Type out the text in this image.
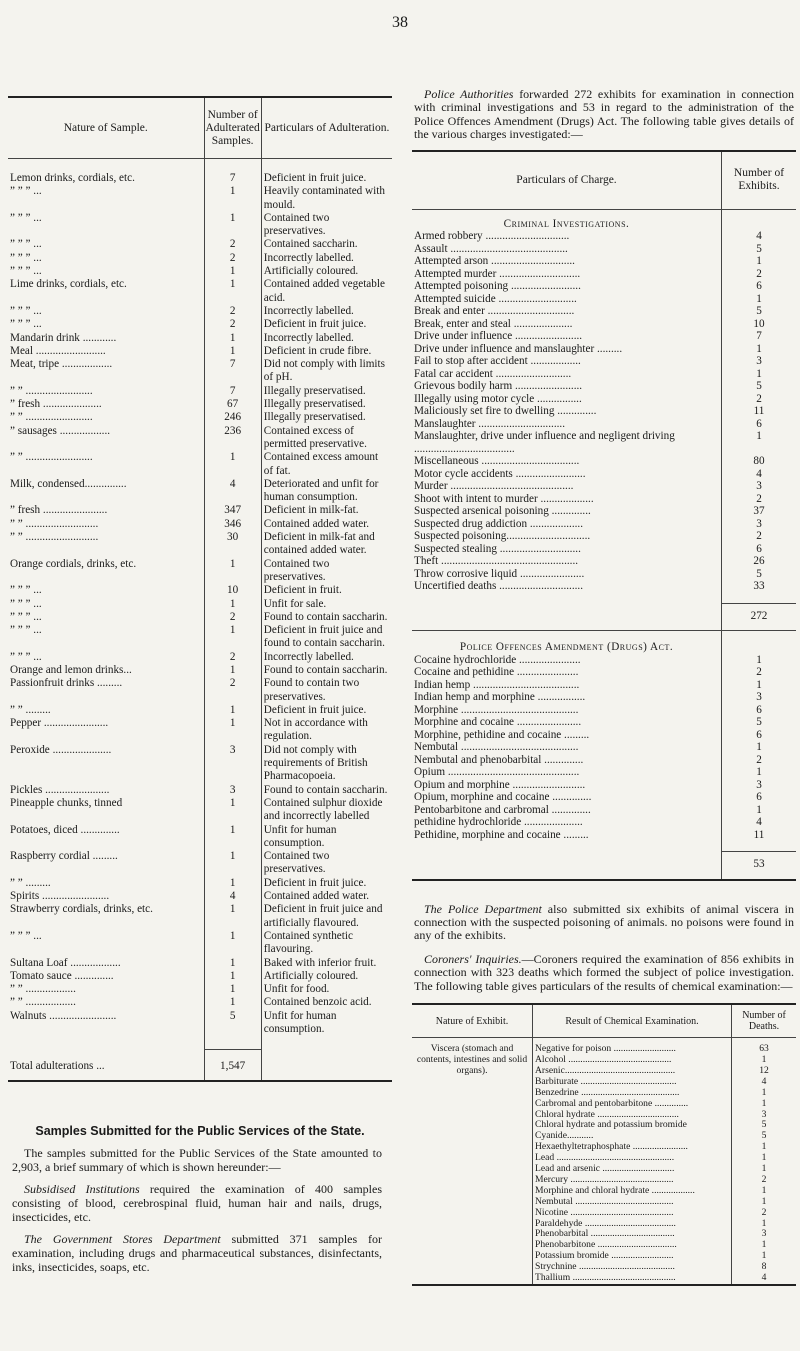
38
Nature of Sample.	Number of Adulterated Samples.	Particulars of Adulteration.

Lemon drinks, cordials, etc.	7	Deficient in fruit juice.
” ” ” ...	1	Heavily contaminated with mould.
” ” ” ...	1	Contained two preservatives.
” ” ” ...	2	Contained saccharin.
” ” ” ...	2	Incorrectly labelled.
” ” ” ...	1	Artificially coloured.
Lime drinks, cordials, etc.	1	Contained added vegetable acid.
” ” ” ...	2	Incorrectly labelled.
” ” ” ...	2	Deficient in fruit juice.
Mandarin drink ............	1	Incorrectly labelled.
Meal .........................	1	Deficient in crude fibre.
Meat, tripe ..................	7	Did not comply with limits of pH.
” ” ........................	7	Illegally preservatised.
” fresh .....................	67	Illegally preservatised.
” ” ........................	246	Illegally preservatised.
” sausages ..................	236	Contained excess of permitted preservative.
” ” ........................	1	Contained excess amount of fat.
Milk, condensed...............	4	Deteriorated and unfit for human consumption.
” fresh .......................	347	Deficient in milk-fat.
” ” ..........................	346	Contained added water.
” ” ..........................	30	Deficient in milk-fat and contained added water.
Orange cordials, drinks, etc.	1	Contained two preservatives.
” ” ” ...	10	Deficient in fruit.
” ” ” ...	1	Unfit for sale.
” ” ” ...	2	Found to contain saccharin.
” ” ” ...	1	Deficient in fruit juice and found to contain saccharin.
” ” ” ...	2	Incorrectly labelled.
Orange and lemon drinks...	1	Found to contain saccharin.
Passionfruit drinks .........	2	Found to contain two preservatives.
” ” .........	1	Deficient in fruit juice.
Pepper .......................	1	Not in accordance with regulation.
Peroxide .....................	3	Did not comply with requirements of British Pharmacopoeia.
Pickles .......................	3	Found to contain saccharin.
Pineapple chunks, tinned	1	Contained sulphur dioxide and incorrectly labelled
Potatoes, diced ..............	1	Unfit for human consumption.
Raspberry cordial .........	1	Contained two preservatives.
” ” .........	1	Deficient in fruit juice.
Spirits ........................	4	Contained added water.
Strawberry cordials, drinks, etc.	1	Deficient in fruit juice and artificially flavoured.
” ” ” ...	1	Contained synthetic flavouring.
Sultana Loaf ..................	1	Baked with inferior fruit.
Tomato sauce ..............	1	Artificially coloured.
” ” ..................	1	Unfit for food.
” ” ..................	1	Contained benzoic acid.
Walnuts ........................	5	Unfit for human consumption.

Total adulterations ...	1,547	
Samples Submitted for the Public Services of the State.

The samples submitted for the Public Services of the State amounted to 2,903, a brief summary of which is shown hereunder:—

Subsidised Institutions required the examination of 400 samples consisting of blood, cerebrospinal fluid, human hair and nails, drugs, insecticides, etc.

The Government Stores Department submitted 371 samples for examination, including drugs and pharmaceutical substances, disinfectants, inks, insecticides, soaps, etc.

Police Authorities forwarded 272 exhibits for examination in connection with criminal investigations and 53 in regard to the administration of the Police Offences Amendment (Drugs) Act. The following table gives details of the various charges investigated:—

Particulars of Charge.	Number of Exhibits.
Criminal Investigations.	
Armed robbery ..............................	4
Assault ..........................................	5
Attempted arson ..............................	1
Attempted murder .............................	2
Attempted poisoning .........................	6
Attempted suicide ............................	1
Break and enter ...............................	5
Break, enter and steal .....................	10
Drive under influence ........................	7
Drive under influence and manslaughter .........	1
Fail to stop after accident ..................	3
Fatal car accident ...........................	1
Grievous bodily harm ........................	5
Illegally using motor cycle ................	2
Maliciously set fire to dwelling ..............	11
Manslaughter ...............................	6
Manslaughter, drive under influence and negligent driving ....................................	1
Miscellaneous ...................................	80
Motor cycle accidents .........................	4
Murder ............................................	3
Shoot with intent to murder ...................	2
Suspected arsenical poisoning ..............	37
Suspected drug addiction ...................	3
Suspected poisoning..............................	2
Suspected stealing .............................	6
Theft .................................................	26
Throw corrosive liquid .......................	5
Uncertified deaths ..............................	33

	272
Police Offences Amendment (Drugs) Act.	
Cocaine hydrochloride ......................	1
Cocaine and pethidine ......................	2
Indian hemp ......................................	1
Indian hemp and morphine .................	3
Morphine ..........................................	6
Morphine and cocaine .......................	5
Morphine, pethidine and cocaine .........	6
Nembutal ..........................................	1
Nembutal and phenobarbital ..............	2
Opium ...............................................	1
Opium and morphine ..........................	3
Opium, morphine and cocaine ..............	6
Pentobarbitone and carbromal ..............	1
pethidine hydrochloride .....................	4
Pethidine, morphine and cocaine .........	11

	53

The Police Department also submitted six exhibits of animal viscera in connection with the suspected poisoning of animals. no poisons were found in any of the exhibits.

Coroners' Inquiries.—Coroners required the examination of 856 exhibits in connection with 323 deaths which formed the subject of police investigation. The following table gives particulars of the results of chemical examination:—

Nature of Exhibit.	Result of Chemical Examination.	Number of Deaths.

Viscera (stomach and contents, intestines and solid organs).	Negative for poison ..........................	63
	Alcohol ...........................................	1
	Arsenic..............................................	12
	Barbiturate ........................................	4
	Benzedrine .........................................	1
	Carbromal and pentobarbitone ..............	1
	Chloral hydrate ..................................	3
	Chloral hydrate and potassium bromide	5
	Cyanide...........	5
	Hexaethyltetraphosphate .......................	1
	Lead .................................................	1
	Lead and arsenic ..............................	1
	Mercury ...........................................	2
	Morphine and chloral hydrate ..................	1
	Nembutal .........................................	1
	Nicotine ...........................................	2
	Paraldehyde ......................................	1
	Phenobarbital ...................................	3
	Phenobarbitone .................................	1
	Potassium bromide ..........................	1
	Strychnine ........................................	8
	Thallium ...........................................	4
